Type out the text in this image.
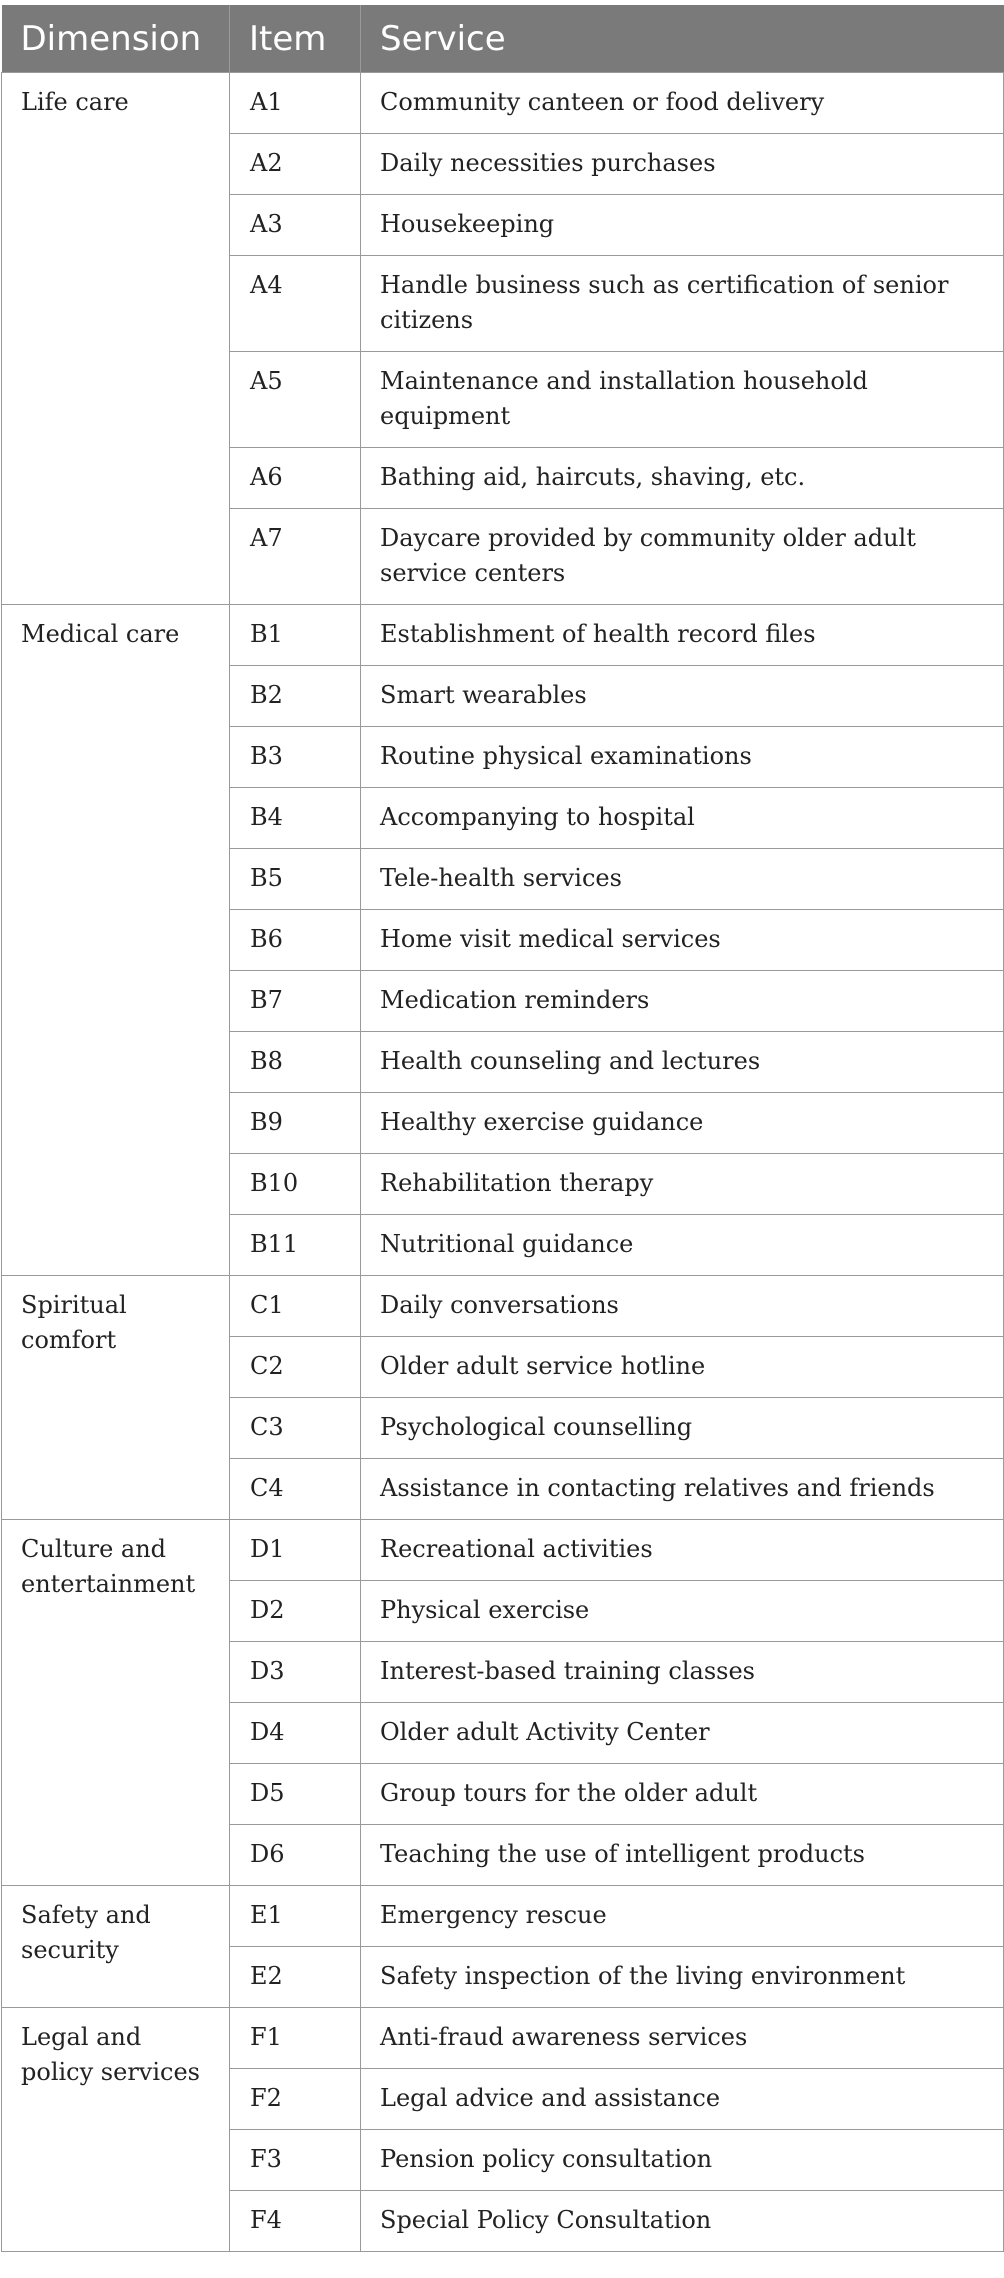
Dimension	Item	Service
Life care	A1	Community canteen or food delivery
	A2	Daily necessities purchases
	A3	Housekeeping
	A4	Handle business such as certification of senior citizens
	A5	Maintenance and installation household equipment
	A6	Bathing aid, haircuts, shaving, etc.
	A7	Daycare provided by community older adult service centers
Medical care	B1	Establishment of health record files
	B2	Smart wearables
	B3	Routine physical examinations
	B4	Accompanying to hospital
	B5	Tele-health services
	B6	Home visit medical services
	B7	Medication reminders
	B8	Health counseling and lectures
	B9	Healthy exercise guidance
	B10	Rehabilitation therapy
	B11	Nutritional guidance
Spiritual comfort	C1	Daily conversations
	C2	Older adult service hotline
	C3	Psychological counselling
	C4	Assistance in contacting relatives and friends
Culture and entertainment	D1	Recreational activities
	D2	Physical exercise
	D3	Interest-based training classes
	D4	Older adult Activity Center
	D5	Group tours for the older adult
	D6	Teaching the use of intelligent products
Safety and security	E1	Emergency rescue
	E2	Safety inspection of the living environment
Legal and policy services	F1	Anti-fraud awareness services
	F2	Legal advice and assistance
	F3	Pension policy consultation
	F4	Special Policy Consultation
